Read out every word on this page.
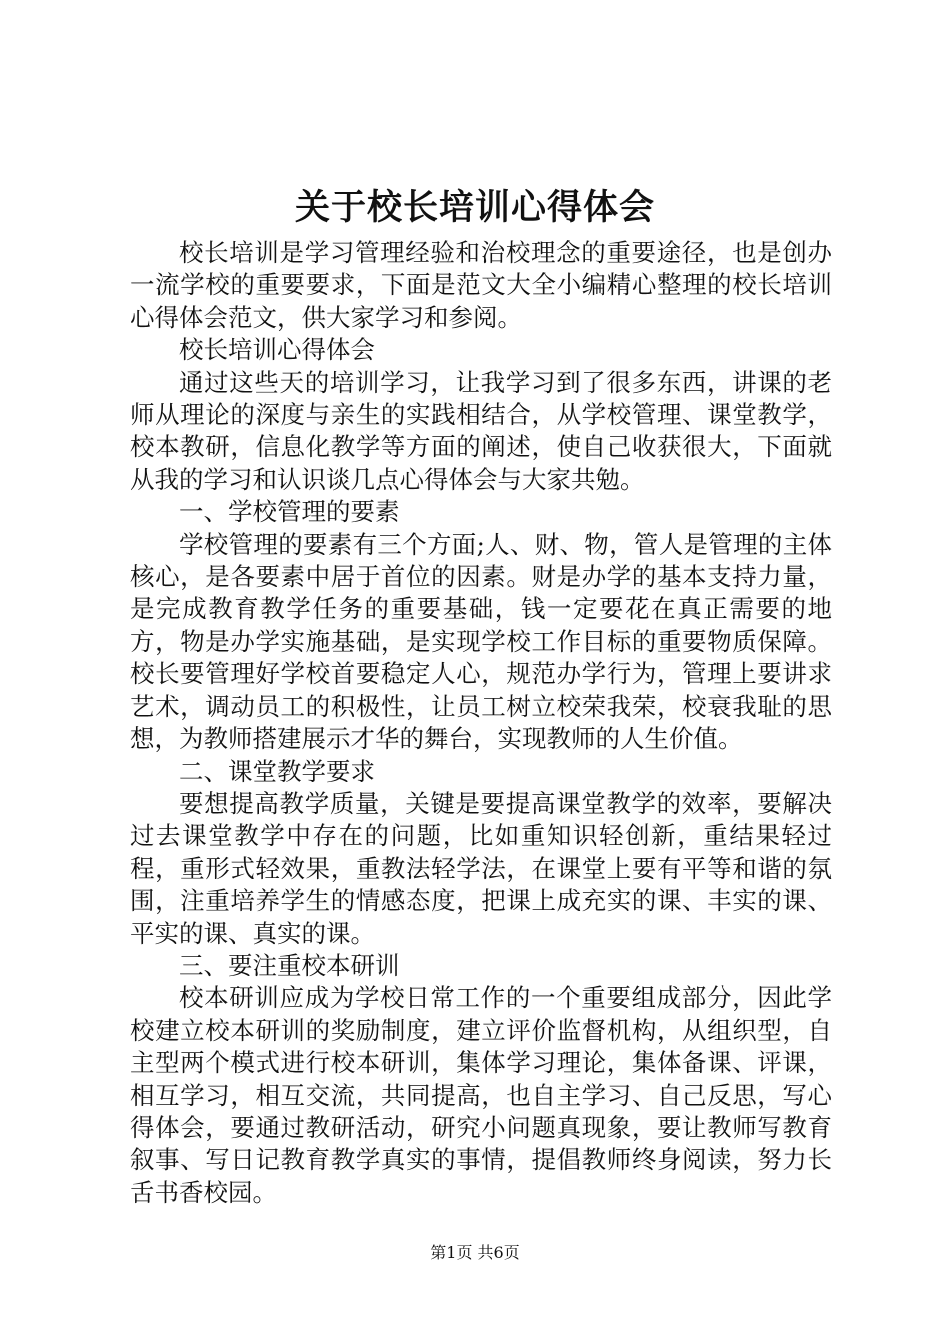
关于校长培训心得体会

校长培训是学习管理经验和治校理念的重要途径，也是创办一流学校的重要要求，下面是范文大全小编精心整理的校长培训心得体会范文，供大家学习和参阅。

校长培训心得体会

通过这些天的培训学习，让我学习到了很多东西，讲课的老师从理论的深度与亲生的实践相结合，从学校管理、课堂教学，校本教研，信息化教学等方面的阐述，使自己收获很大，下面就从我的学习和认识谈几点心得体会与大家共勉。

一、学校管理的要素

学校管理的要素有三个方面;人、财、物，管人是管理的主体核心，是各要素中居于首位的因素。财是办学的基本支持力量，是完成教育教学任务的重要基础，钱一定要花在真正需要的地方，物是办学实施基础，是实现学校工作目标的重要物质保障。校长要管理好学校首要稳定人心，规范办学行为，管理上要讲求艺术，调动员工的积极性，让员工树立校荣我荣，校衰我耻的思想，为教师搭建展示才华的舞台，实现教师的人生价值。

二、课堂教学要求

要想提高教学质量，关键是要提高课堂教学的效率，要解决过去课堂教学中存在的问题，比如重知识轻创新，重结果轻过程，重形式轻效果，重教法轻学法，在课堂上要有平等和谐的氛围，注重培养学生的情感态度，把课上成充实的课、丰实的课、平实的课、真实的课。

三、要注重校本研训

校本研训应成为学校日常工作的一个重要组成部分，因此学校建立校本研训的奖励制度，建立评价监督机构，从组织型，自主型两个模式进行校本研训，集体学习理论，集体备课、评课，相互学习，相互交流，共同提高，也自主学习、自己反思，写心得体会，要通过教研活动，研究小问题真现象，要让教师写教育叙事、写日记教育教学真实的事情，提倡教师终身阅读，努力长舌书香校园。

第1页 共6页
